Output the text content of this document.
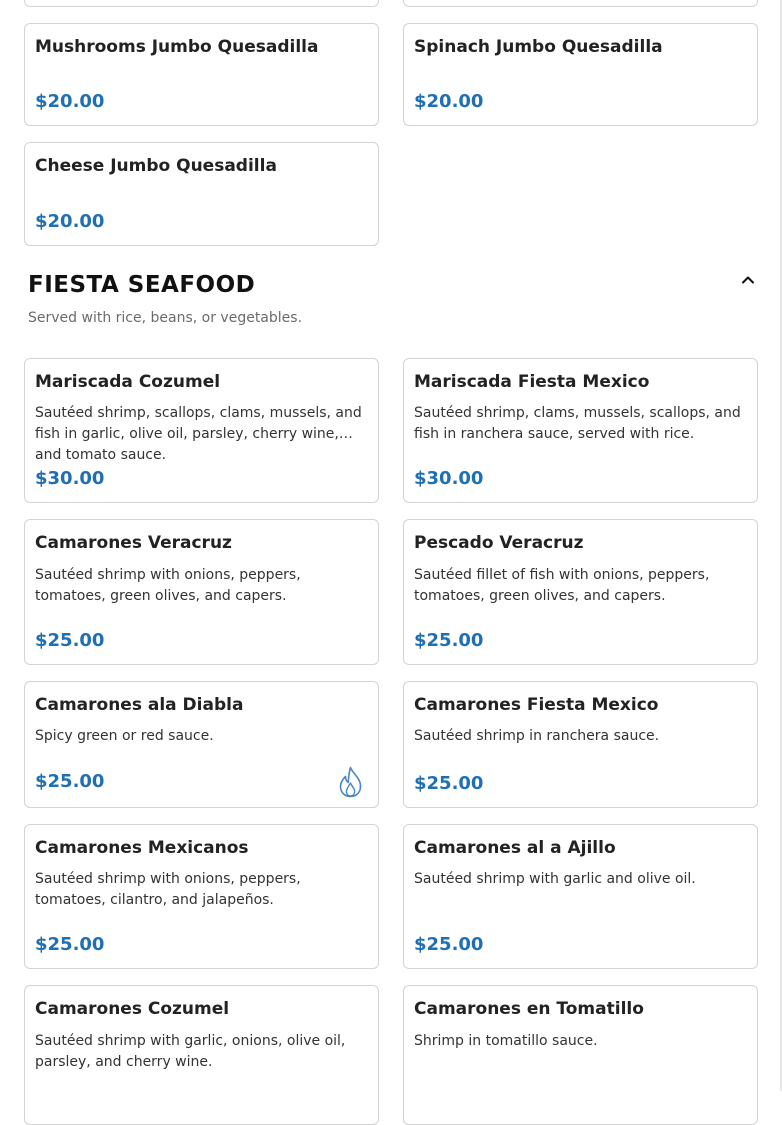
Mushrooms Jumbo Quesadilla
$20.00
Spinach Jumbo Quesadilla
$20.00
Cheese Jumbo Quesadilla
$20.00
FIESTA SEAFOOD
Served with rice, beans, or vegetables.
Mariscada Cozumel
Sautéed shrimp, scallops, clams, mussels, and fish in garlic, olive oil, parsley, cherry wine, and tomato sauce.
$30.00
Mariscada Fiesta Mexico
Sautéed shrimp, clams, mussels, scallops, and fish in ranchera sauce, served with rice.
$30.00
Camarones Veracruz
Sautéed shrimp with onions, peppers, tomatoes, green olives, and capers.
$25.00
Pescado Veracruz
Sautéed fillet of fish with onions, peppers, tomatoes, green olives, and capers.
$25.00
Camarones ala Diabla
Spicy green or red sauce.
$25.00
Camarones Fiesta Mexico
Sautéed shrimp in ranchera sauce.
$25.00
Camarones Mexicanos
Sautéed shrimp with onions, peppers, tomatoes, cilantro, and jalapeños.
$25.00
Camarones al a Ajillo
Sautéed shrimp with garlic and olive oil.
$25.00
Camarones Cozumel
Sautéed shrimp with garlic, onions, olive oil, parsley, and cherry wine.
Camarones en Tomatillo
Shrimp in tomatillo sauce.
